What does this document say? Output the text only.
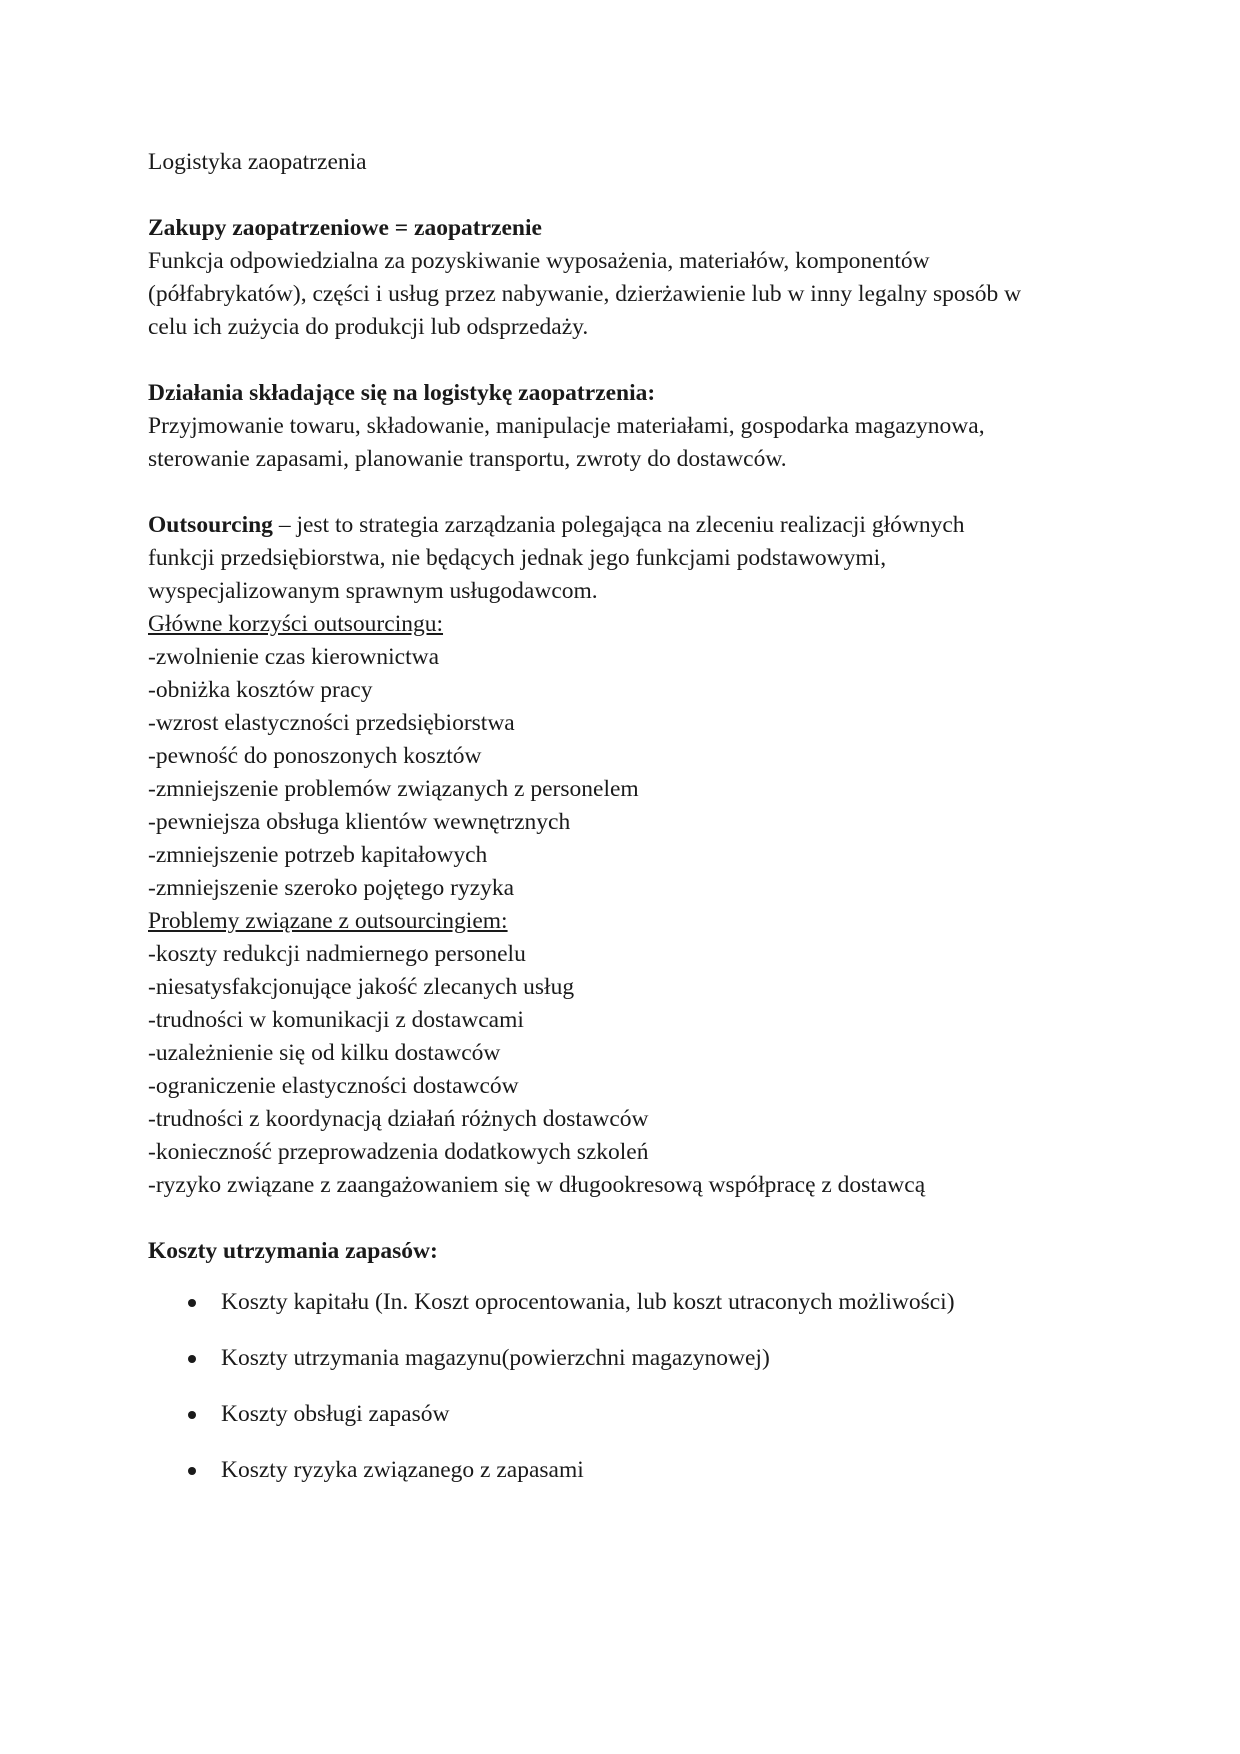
Logistyka zaopatrzenia
Zakupy zaopatrzeniowe = zaopatrzenie
Funkcja odpowiedzialna za pozyskiwanie wyposażenia, materiałów, komponentów
(półfabrykatów), części i usług przez nabywanie, dzierżawienie lub w inny legalny sposób w
celu ich zużycia do produkcji lub odsprzedaży.
Działania składające się na logistykę zaopatrzenia:
Przyjmowanie towaru, składowanie, manipulacje materiałami, gospodarka magazynowa,
sterowanie zapasami, planowanie transportu, zwroty do dostawców.
Outsourcing – jest to strategia zarządzania polegająca na zleceniu realizacji głównych
funkcji przedsiębiorstwa, nie będących jednak jego funkcjami podstawowymi,
wyspecjalizowanym sprawnym usługodawcom.
Główne korzyści outsourcingu:
-zwolnienie czas kierownictwa
-obniżka kosztów pracy
-wzrost elastyczności przedsiębiorstwa
-pewność do ponoszonych kosztów
-zmniejszenie problemów związanych z personelem
-pewniejsza obsługa klientów wewnętrznych
-zmniejszenie potrzeb kapitałowych
-zmniejszenie szeroko pojętego ryzyka
Problemy związane z outsourcingiem:
-koszty redukcji nadmiernego personelu
-niesatysfakcjonujące jakość zlecanych usług
-trudności w komunikacji z dostawcami
-uzależnienie się od kilku dostawców
-ograniczenie elastyczności dostawców
-trudności z koordynacją działań różnych dostawców
-konieczność przeprowadzenia dodatkowych szkoleń
-ryzyko związane z zaangażowaniem się w długookresową współpracę z dostawcą
Koszty utrzymania zapasów:
Koszty kapitału (In. Koszt oprocentowania, lub koszt utraconych możliwości)
Koszty utrzymania magazynu(powierzchni magazynowej)
Koszty obsługi zapasów
Koszty ryzyka związanego z zapasami
